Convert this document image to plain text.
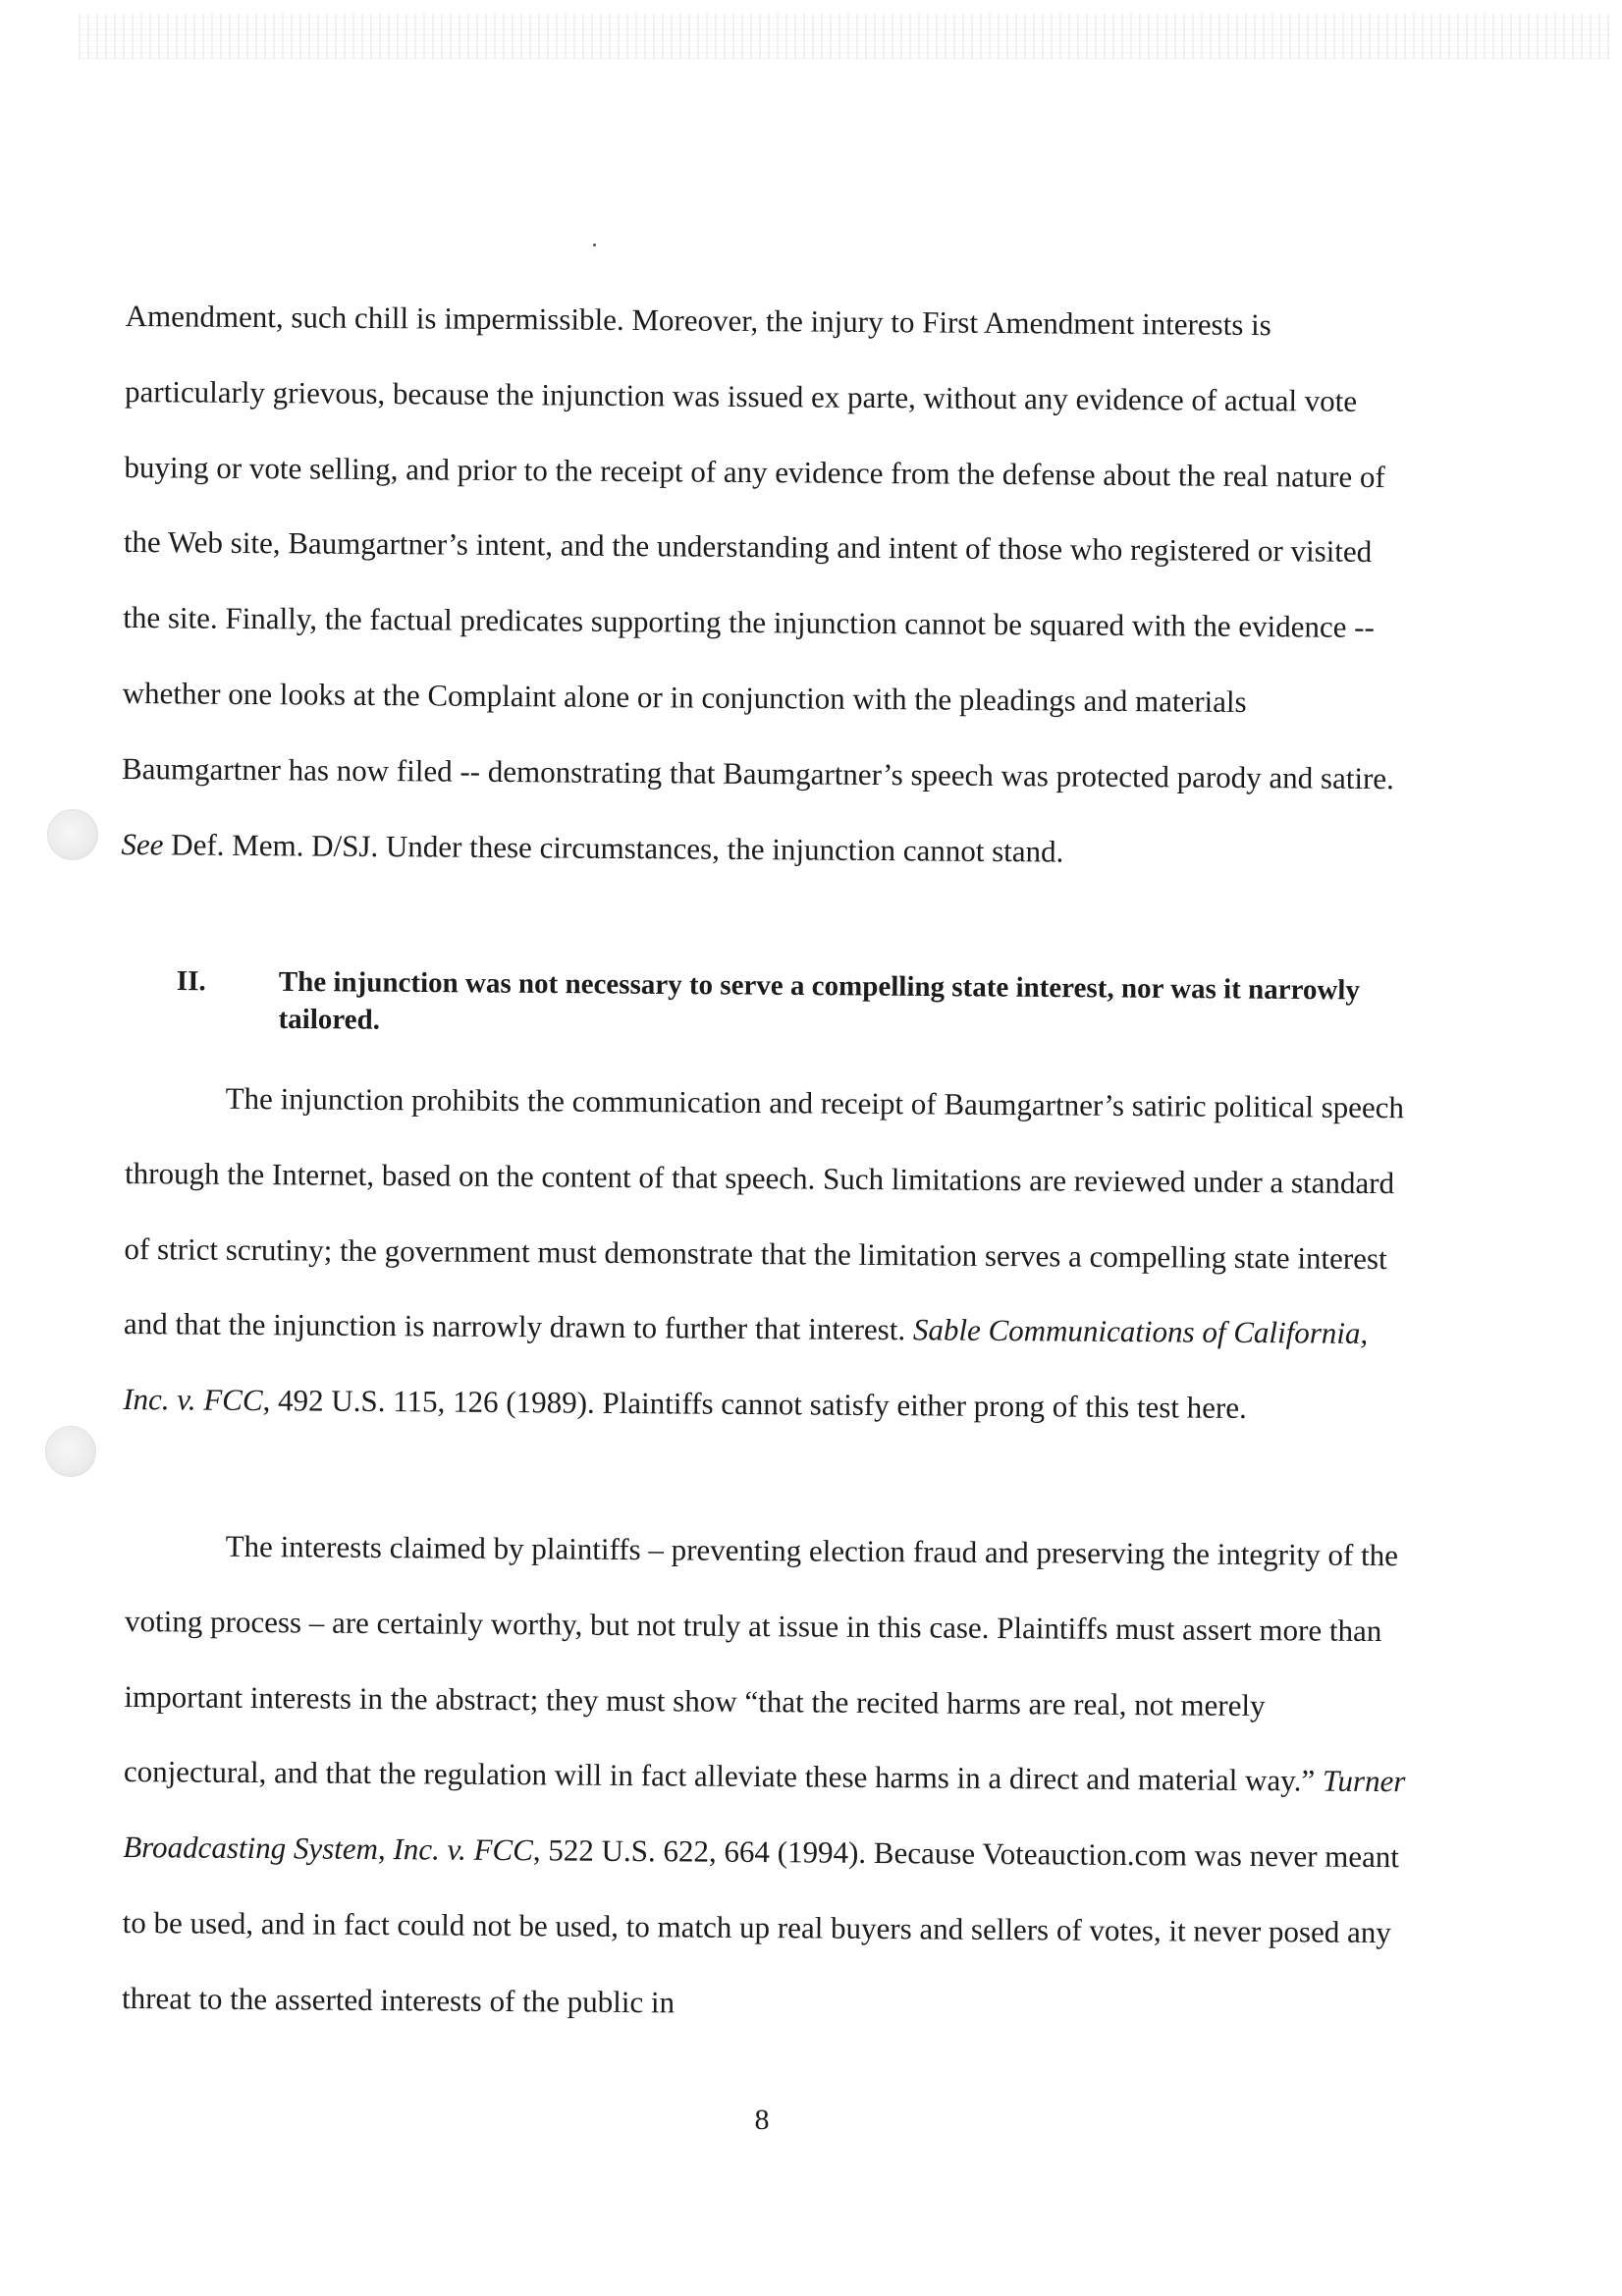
Amendment, such chill is impermissible. Moreover, the injury to First Amendment interests is particularly grievous, because the injunction was issued ex parte, without any evidence of actual vote buying or vote selling, and prior to the receipt of any evidence from the defense about the real nature of the Web site, Baumgartner’s intent, and the understanding and intent of those who registered or visited the site. Finally, the factual predicates supporting the injunction cannot be squared with the evidence -- whether one looks at the Complaint alone or in conjunction with the pleadings and materials Baumgartner has now filed -- demonstrating that Baumgartner’s speech was protected parody and satire. See Def. Mem. D/SJ. Under these circumstances, the injunction cannot stand.

II.	The injunction was not necessary to serve a compelling state interest, nor was it narrowly tailored.

The injunction prohibits the communication and receipt of Baumgartner’s satiric political speech through the Internet, based on the content of that speech. Such limitations are reviewed under a standard of strict scrutiny; the government must demonstrate that the limitation serves a compelling state interest and that the injunction is narrowly drawn to further that interest. Sable Communications of California, Inc. v. FCC, 492 U.S. 115, 126 (1989). Plaintiffs cannot satisfy either prong of this test here.

The interests claimed by plaintiffs – preventing election fraud and preserving the integrity of the voting process – are certainly worthy, but not truly at issue in this case. Plaintiffs must assert more than important interests in the abstract; they must show “that the recited harms are real, not merely conjectural, and that the regulation will in fact alleviate these harms in a direct and material way.” Turner Broadcasting System, Inc. v. FCC, 522 U.S. 622, 664 (1994). Because Voteauction.com was never meant to be used, and in fact could not be used, to match up real buyers and sellers of votes, it never posed any threat to the asserted interests of the public in

8
